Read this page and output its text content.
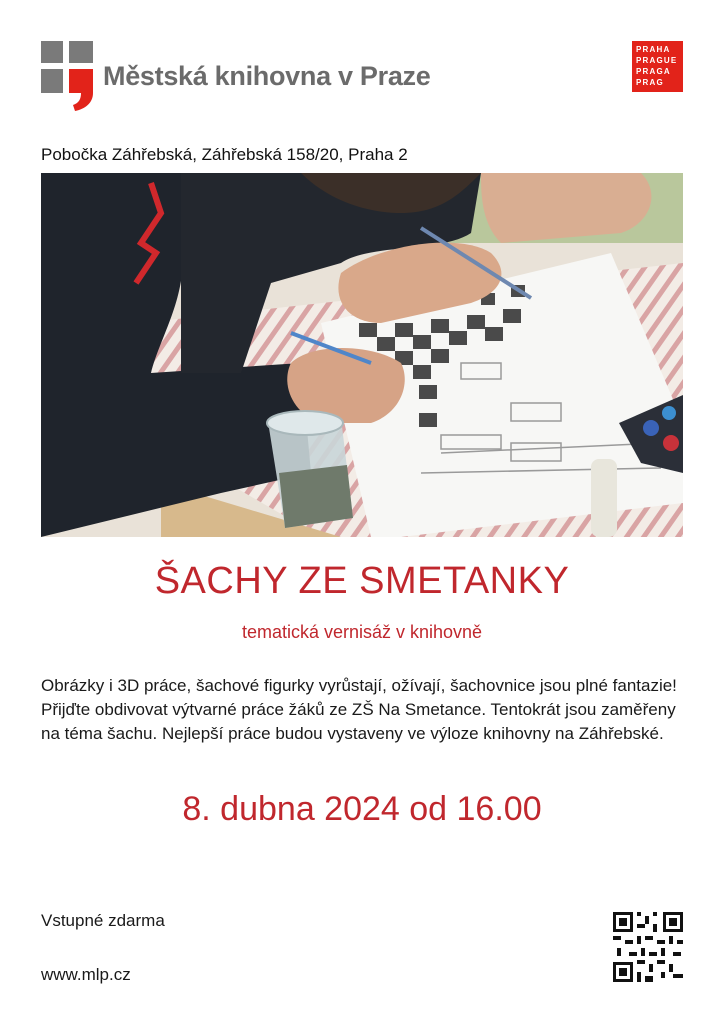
Městská knihovna v Praze
PRAHA
PRAGUE
PRAGA
PRAG
Pobočka Záhřebská, Záhřebská 158/20, Praha 2
ŠACHY ZE SMETANKY
tematická vernisáž v knihovně
Obrázky i 3D práce, šachové figurky vyrůstají, ožívají, šachovnice jsou plné fantazie! Přijďte obdivovat výtvarné práce žáků ze ZŠ Na Smetance. Tentokrát jsou zaměřeny na téma šachu. Nejlepší práce budou vystaveny ve výloze knihovny na Záhřebské.
8. dubna 2024 od 16.00
Vstupné zdarma
www.mlp.cz
